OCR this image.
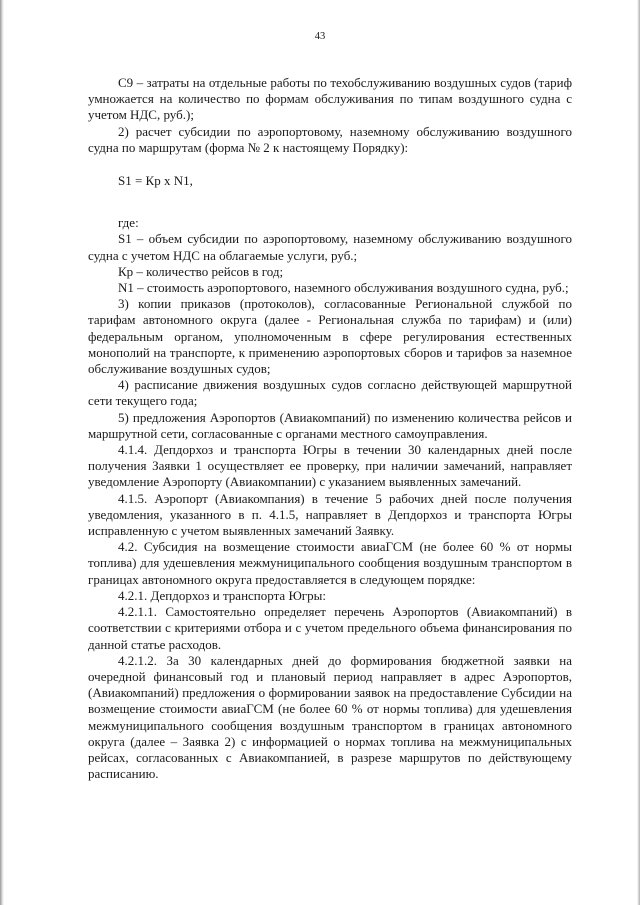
43

С9 – затраты на отдельные работы по техобслуживанию воздушных судов (тариф умножается на количество по формам обслуживания по типам воздушного судна с учетом НДС, руб.);

2) расчет субсидии по аэропортовому, наземному обслуживанию воздушного судна по маршрутам (форма № 2 к настоящему Порядку):

S1 = Кр х N1,

где:

S1 – объем субсидии по аэропортовому, наземному обслуживанию воздушного судна с учетом НДС на облагаемые услуги, руб.;

Кр – количество рейсов в год;

N1 – стоимость аэропортового, наземного обслуживания воздушного судна, руб.;

3) копии приказов (протоколов), согласованные Региональной службой по тарифам автономного округа (далее - Региональная служба по тарифам) и (или) федеральным органом, уполномоченным в сфере регулирования естественных монополий на транспорте, к применению аэропортовых сборов и тарифов за наземное обслуживание воздушных судов;

4) расписание движения воздушных судов согласно действующей маршрутной сети текущего года;

5) предложения Аэропортов (Авиакомпаний) по изменению количества рейсов и маршрутной сети, согласованные с органами местного самоуправления.

4.1.4. Депдорхоз и транспорта Югры в течении 30 календарных дней после получения Заявки 1 осуществляет ее проверку, при наличии замечаний, направляет уведомление Аэропорту (Авиакомпании) с указанием выявленных замечаний.

4.1.5. Аэропорт (Авиакомпания) в течение 5 рабочих дней после получения уведомления, указанного в п. 4.1.5, направляет в Депдорхоз и транспорта Югры исправленную с учетом выявленных замечаний Заявку.

4.2. Субсидия на возмещение стоимости авиаГСМ (не более 60 % от нормы топлива) для удешевления межмуниципального сообщения воздушным транспортом в границах автономного округа предоставляется в следующем порядке:

4.2.1. Депдорхоз и транспорта Югры:

4.2.1.1. Самостоятельно определяет перечень Аэропортов (Авиакомпаний) в соответствии с критериями отбора и с учетом предельного объема финансирования по данной статье расходов.

4.2.1.2. За 30 календарных дней до формирования бюджетной заявки на очередной финансовый год и плановый период направляет в адрес Аэропортов, (Авиакомпаний) предложения о формировании заявок на предоставление Субсидии на возмещение стоимости авиаГСМ (не более 60 % от нормы топлива) для удешевления межмуниципального сообщения воздушным транспортом в границах автономного округа (далее – Заявка 2) с информацией о нормах топлива на межмуниципальных рейсах, согласованных с Авиакомпанией, в разрезе маршрутов по действующему расписанию.
